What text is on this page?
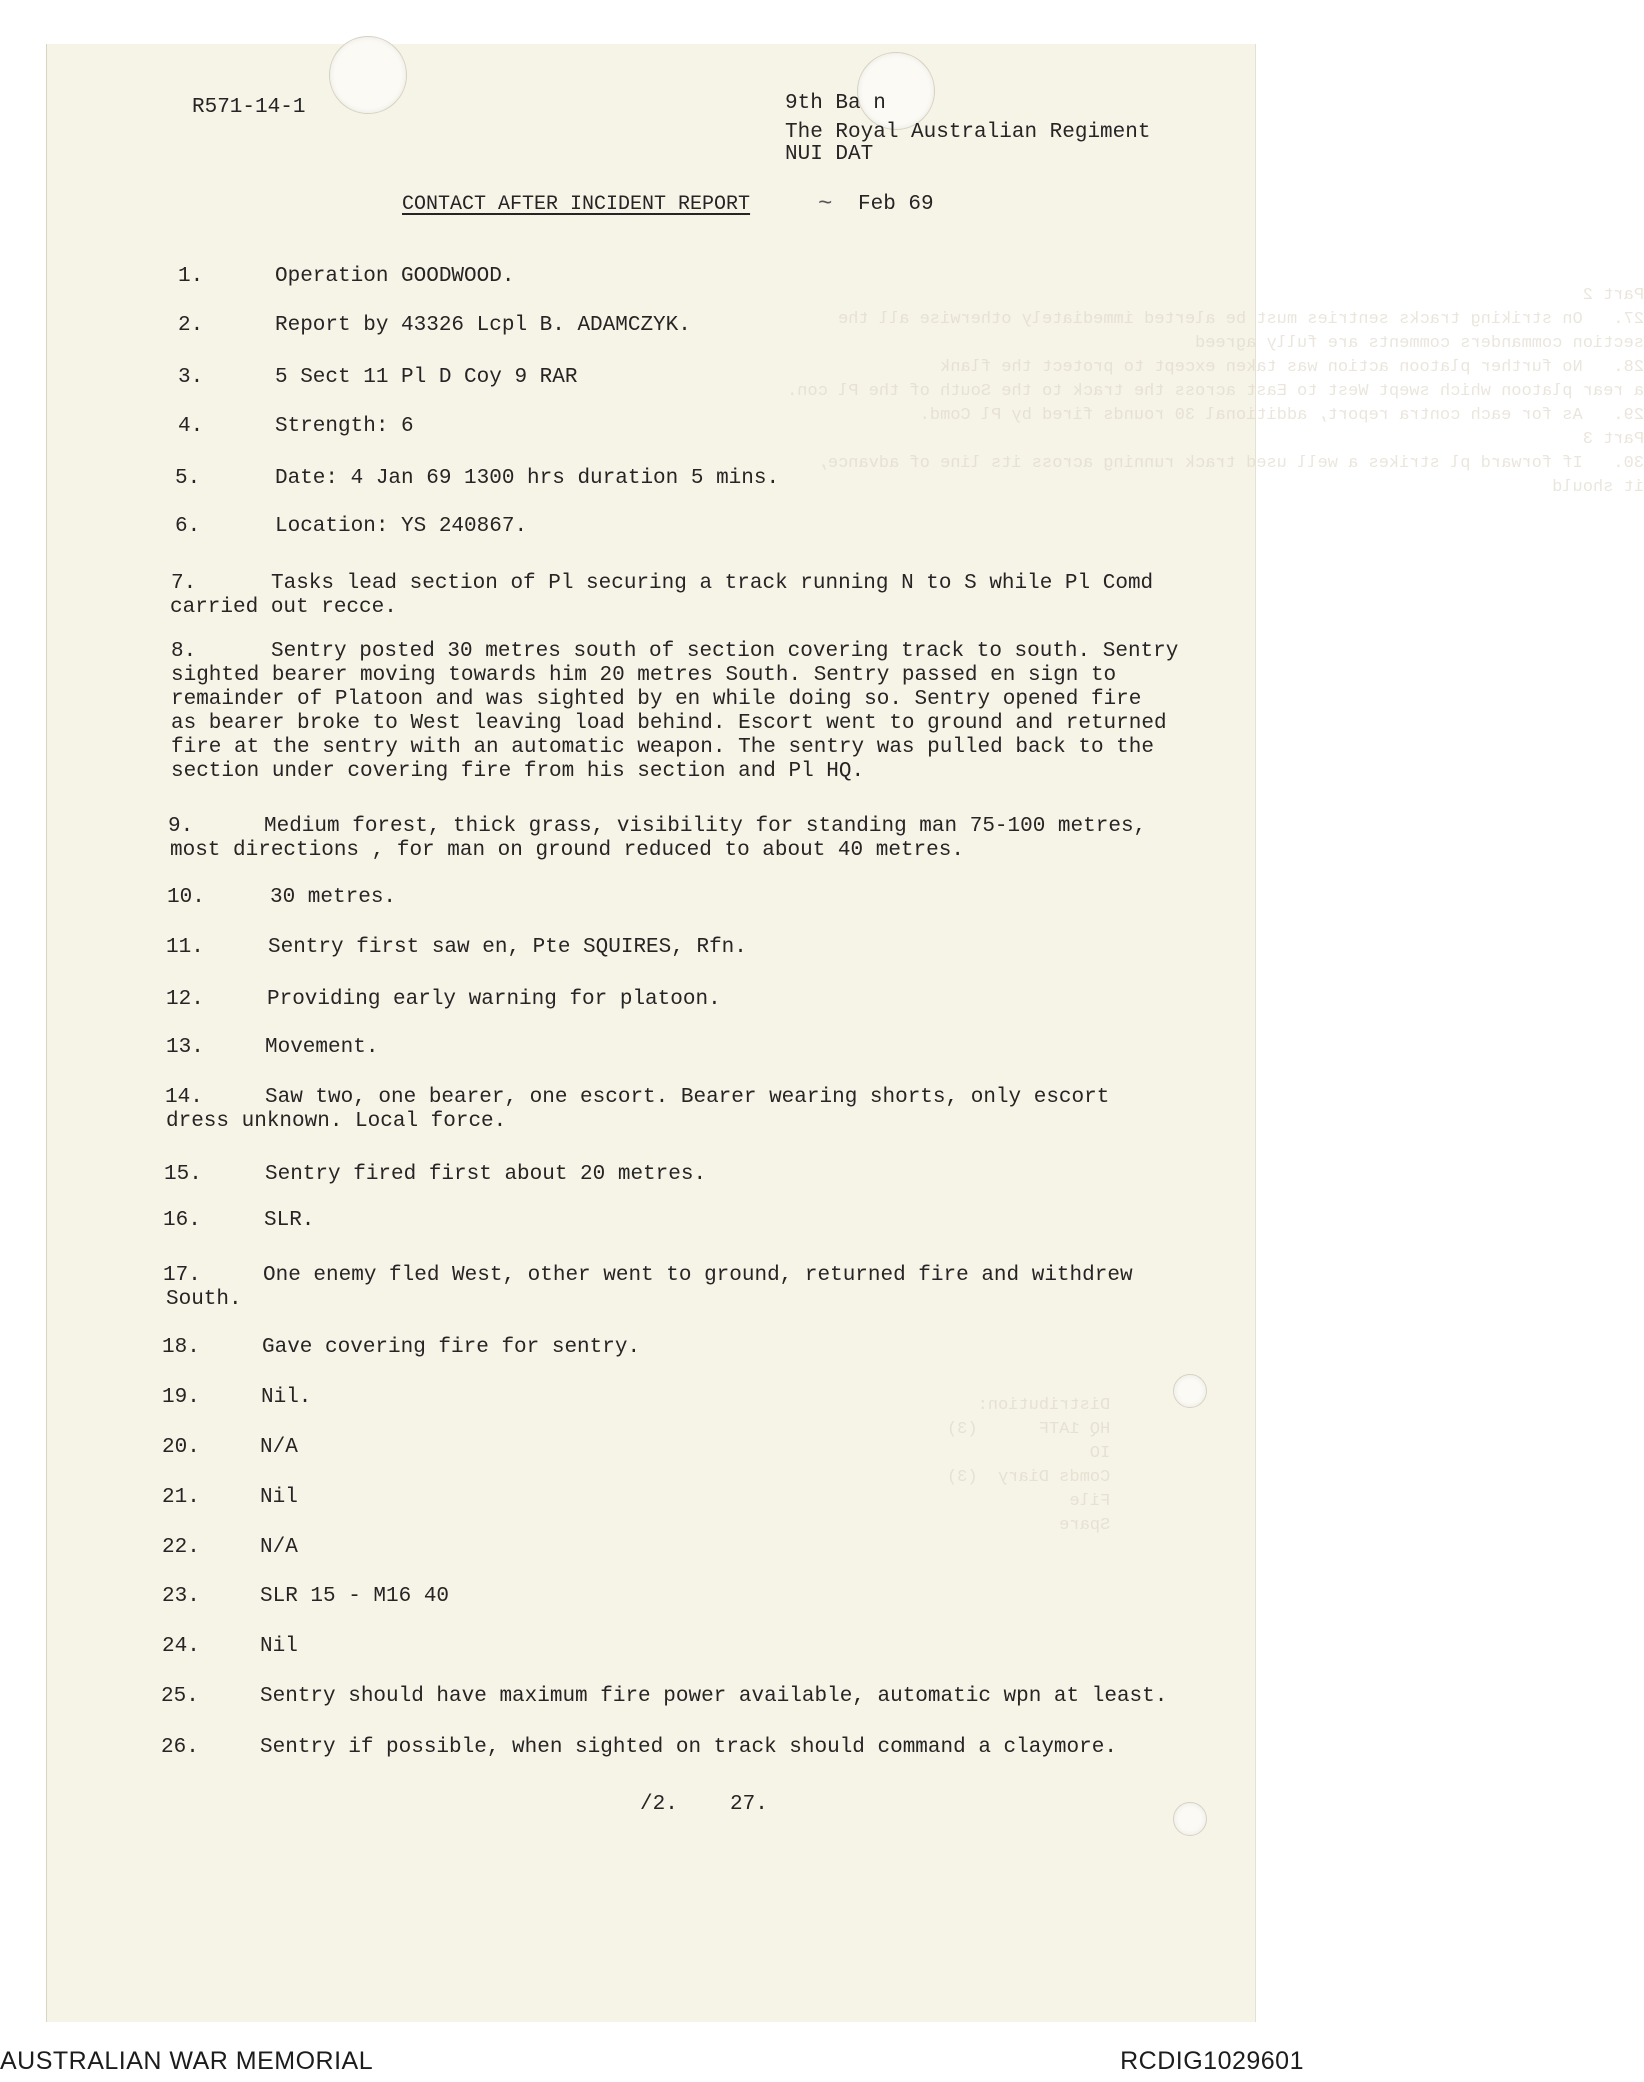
Part 2
27.   On striking tracks sentries must be alerted immediately otherwise all the
section commanders comments are fully agreed
28.   No further platoon action was taken except to protect the flank
a rear platoon which swept West to East across the track to the South of the Pl con.
29.   As for each contra report, additional 30 rounds fired by Pl Comd.
Part 3
30.   If forward pl strikes a well used track running across its line of advance,
it should

Distribution:
HQ 1ATF      (3)
IO
Comds Diary  (3)
File
Spare
R571-14-1	9th Ba n
The Royal Australian Regiment
NUI DAT
CONTACT AFTER INCIDENT REPORT	~ Feb 69
1.	Operation GOODWOOD.
2.	Report by 43326 Lcpl B. ADAMCZYK.
3.	5 Sect 11 Pl D Coy 9 RAR
4.	Strength: 6
5.	Date: 4 Jan 69 1300 hrs duration 5 mins.
6.	Location: YS 240867.
7.	Tasks lead section of Pl securing a track running N to S while Pl Comd
carried out recce.
8.	Sentry posted 30 metres south of section covering track to south. Sentry
sighted bearer moving towards him 20 metres South. Sentry passed en sign to
remainder of Platoon and was sighted by en while doing so. Sentry opened fire
as bearer broke to West leaving load behind. Escort went to ground and returned
fire at the sentry with an automatic weapon. The sentry was pulled back to the
section under covering fire from his section and Pl HQ.
9.	Medium forest, thick grass, visibility for standing man 75-100 metres,
most directions , for man on ground reduced to about 40 metres.
10.	30 metres.
11.	Sentry first saw en, Pte SQUIRES, Rfn.
12.	Providing early warning for platoon.
13.	Movement.
14.	Saw two, one bearer, one escort. Bearer wearing shorts, only escort
dress unknown. Local force.
15.	Sentry fired first about 20 metres.
16.	SLR.
17.	One enemy fled West, other went to ground, returned fire and withdrew
South.
18.	Gave covering fire for sentry.
19.	Nil.
20.	N/A
21.	Nil
22.	N/A
23.	SLR 15 - M16 40
24.	Nil
25.	Sentry should have maximum fire power available, automatic wpn at least.
26.	Sentry if possible, when sighted on track should command a claymore.
/2. 27.
AUSTRALIAN WAR MEMORIAL	RCDIG1029601
